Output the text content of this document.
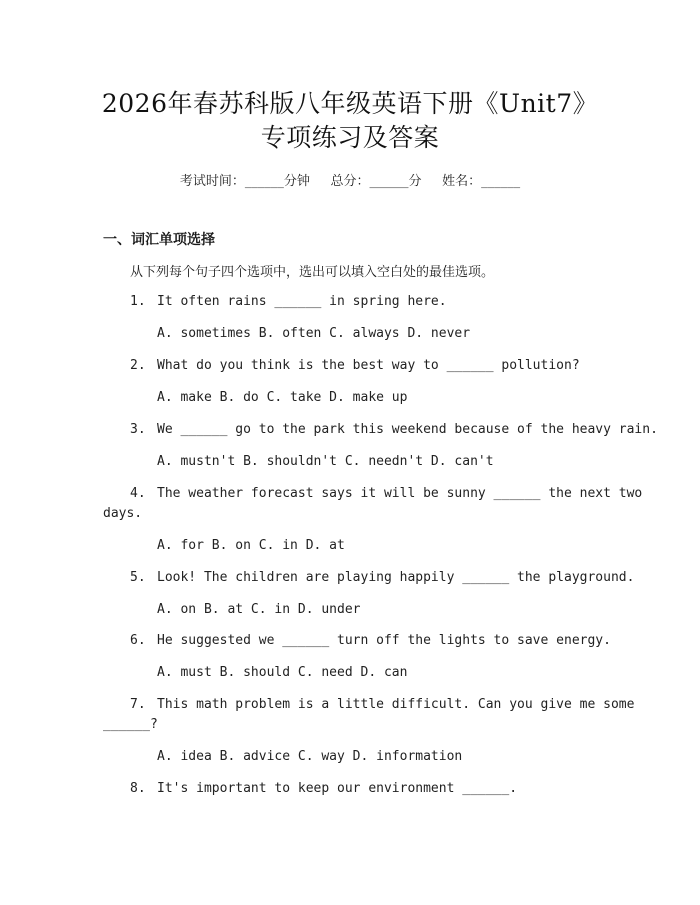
2026年春苏科版八年级英语下册《Unit7》
专项练习及答案
考试时间：______分钟     总分：______分     姓名：______
一、词汇单项选择
从下列每个句子四个选项中，选出可以填入空白处的最佳选项。
1. It often rains ______ in spring here.
A. sometimes B. often C. always D. never
2. What do you think is the best way to ______ pollution?
A. make B. do C. take D. make up
3. We ______ go to the park this weekend because of the heavy rain.
A. mustn't B. shouldn't C. needn't D. can't
4. The weather forecast says it will be sunny ______ the next two
days.
A. for B. on C. in D. at
5. Look! The children are playing happily ______ the playground.
A. on B. at C. in D. under
6. He suggested we ______ turn off the lights to save energy.
A. must B. should C. need D. can
7. This math problem is a little difficult. Can you give me some
______?
A. idea B. advice C. way D. information
8. It's important to keep our environment ______.
